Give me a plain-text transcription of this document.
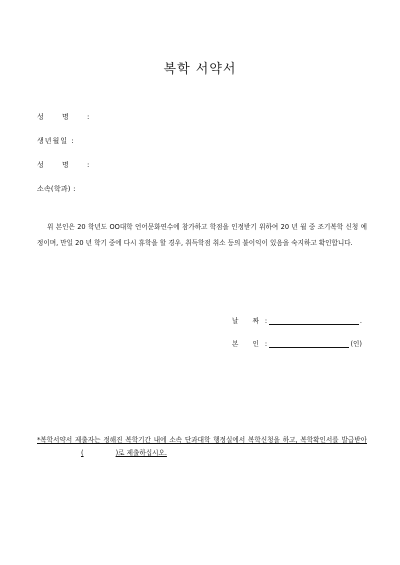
복학 서약서
성 명 :
생년월일 :
성 명 :
소속(학과) :
위 본인은 20 학년도 OO대학 언어문화연수에 참가하고 학점을 인정받기 위하여 20 년 월 중 조기복학 신청 예정이며, 만일 20 년 학기 중에 다시 휴학을 할 경우, 취득학점 취소 등의 불이익이 있음을 숙지하고 확인합니다.
날 짜 :	.
본 인 :	(인)
*복학서약서 제출자는 정해진 복학기간 내에 소속 단과대학 행정실에서 복학신청을 하고, 복학확인서를 발급받아(	)로 제출하십시오.
